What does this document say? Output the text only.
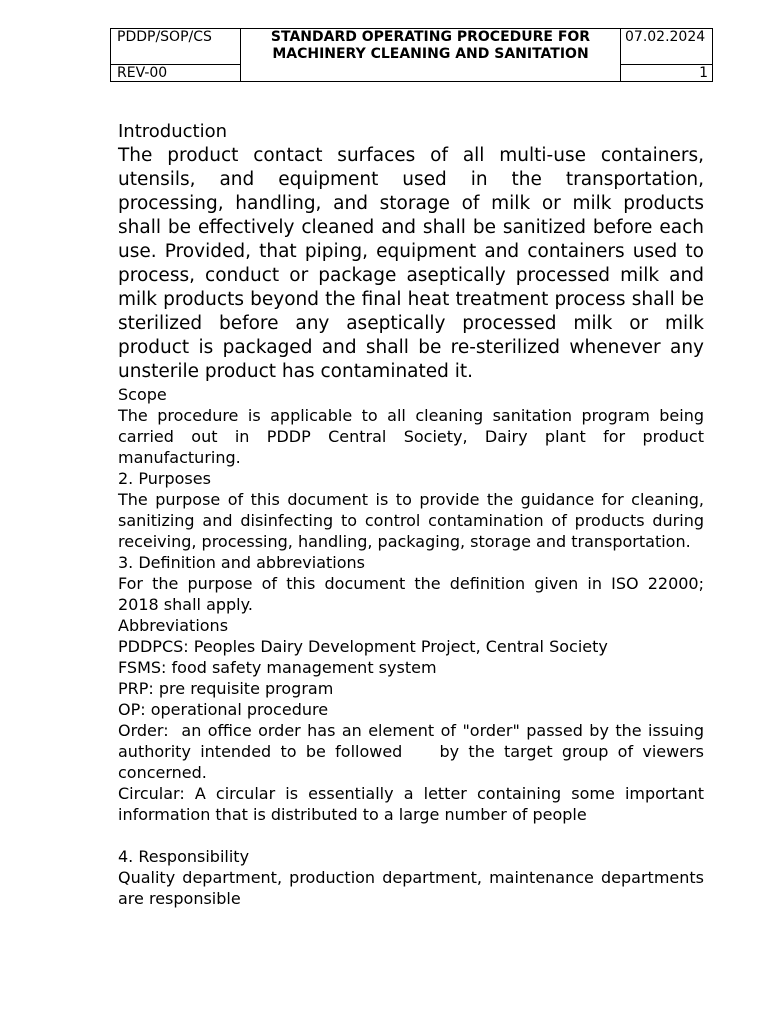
PDDP/SOP/CS	STANDARD OPERATING PROCEDURE FOR
MACHINERY CLEANING AND SANITATION	07.02.2024
REV-00		1

Introduction

The product contact surfaces of all multi-use containers, utensils, and equipment used in the transportation, processing, handling, and storage of milk or milk products shall be effectively cleaned and shall be sanitized before each use. Provided, that piping, equipment and containers used to process, conduct or package aseptically processed milk and milk products beyond the final heat treatment process shall be sterilized before any aseptically processed milk or milk product is packaged and shall be re-sterilized whenever any unsterile product has contaminated it.

Scope

The procedure is applicable to all cleaning sanitation program being carried out in PDDP Central Society, Dairy plant for product manufacturing.

2. Purposes

The purpose of this document is to provide the guidance for cleaning, sanitizing and disinfecting to control contamination of products during receiving, processing, handling, packaging, storage and transportation.

3. Definition and abbreviations

For the purpose of this document the definition given in ISO 22000; 2018 shall apply.

Abbreviations

PDDPCS: Peoples Dairy Development Project, Central Society

FSMS: food safety management system

PRP: pre requisite program

OP: operational procedure

Order:  an office order has an element of "order" passed by the issuing authority intended to be followed    by the target group of viewers concerned.

Circular: A circular is essentially a letter containing some important information that is distributed to a large number of people

4. Responsibility

Quality department, production department, maintenance departments are responsible
